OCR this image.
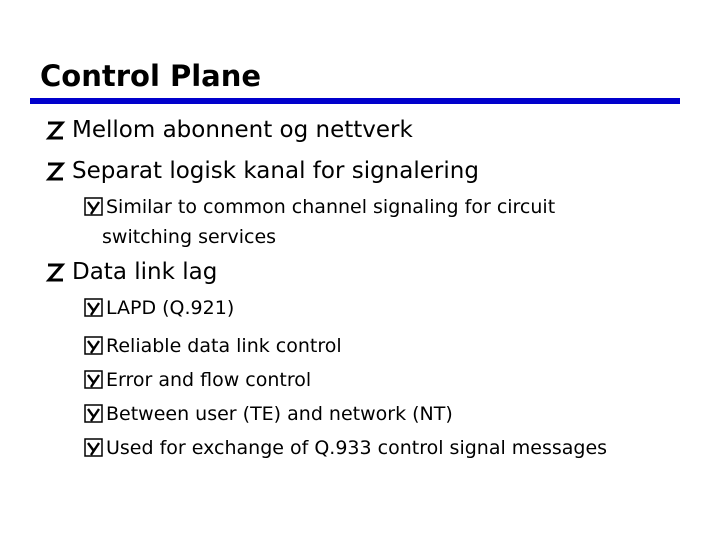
Control Plane
Mellom abonnent og nettverk
Separat logisk kanal for signalering
Similar to common channel signaling for circuit
switching services
Data link lag
LAPD (Q.921)
Reliable data link control
Error and flow control
Between user (TE) and network (NT)
Used for exchange of Q.933 control signal messages
